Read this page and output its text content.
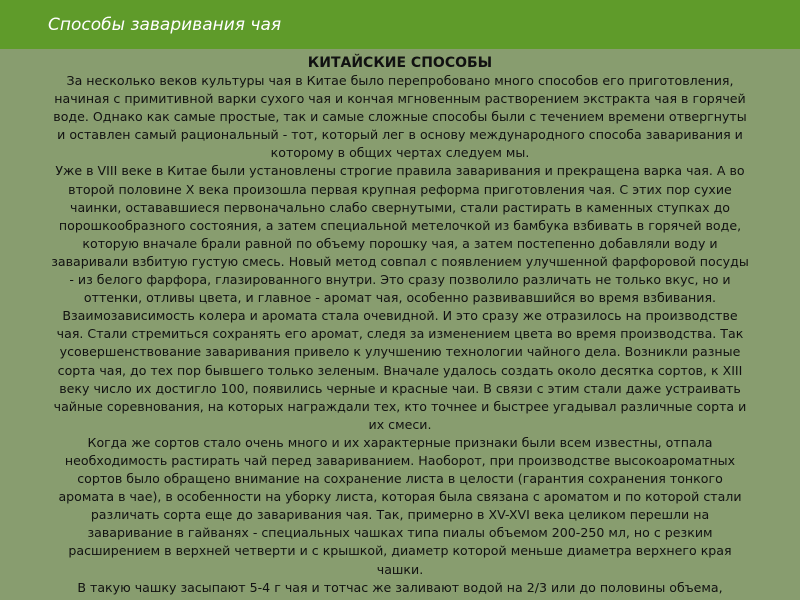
Способы заваривания чая
КИТАЙСКИЕ СПОСОБЫ

За несколько веков культуры чая в Китае было перепробовано много способов его приготовления, начиная с примитивной варки сухого чая и кончая мгновенным растворением экстракта чая в горячей воде. Однако как самые простые, так и самые сложные способы были с течением времени отвергнуты и оставлен самый рациональный - тот, который лег в основу международного способа заваривания и которому в общих чертах следуем мы.

Уже в VIII веке в Китае были установлены строгие правила заваривания и прекращена варка чая. А во второй половине X века произошла первая крупная реформа приготовления чая. С этих пор сухие чаинки, остававшиеся первоначально слабо свернутыми, стали растирать в каменных ступках до порошкообразного состояния, а затем специальной метелочкой из бамбука взбивать в горячей воде, которую вначале брали равной по объему порошку чая, а затем постепенно добавляли воду и заваривали взбитую густую смесь. Новый метод совпал с появлением улучшенной фарфоровой посуды - из белого фарфора, глазированного внутри. Это сразу позволило различать не только вкус, но и оттенки, отливы цвета, и главное - аромат чая, особенно развивавшийся во время взбивания. Взаимозависимость колера и аромата стала очевидной. И это сразу же отразилось на производстве чая. Стали стремиться сохранять его аромат, следя за изменением цвета во время производства. Так усовершенствование заваривания привело к улучшению технологии чайного дела. Возникли разные сорта чая, до тех пор бывшего только зеленым. Вначале удалось создать около десятка сортов, к XIII веку число их достигло 100, появились черные и красные чаи. В связи с этим стали даже устраивать чайные соревнования, на которых награждали тех, кто точнее и быстрее угадывал различные сорта и их смеси.

Когда же сортов стало очень много и их характерные признаки были всем известны, отпала необходимость растирать чай перед завариванием. Наоборот, при производстве высокоароматных сортов было обращено внимание на сохранение листа в целости (гарантия сохранения тонкого аромата в чае), в особенности на уборку листа, которая была связана с ароматом и по которой стали различать сорта еще до заваривания чая. Так, примерно в XV-XVI века целиком перешли на заваривание в гайванях - специальных чашках типа пиалы объемом 200-250 мл, но с резким расширением в верхней четверти и с крышкой, диаметр которой меньше диаметра верхнего края чашки.

В такую чашку засыпают 5-4 г чая и тотчас же заливают водой на 2/3 или до половины объема,
